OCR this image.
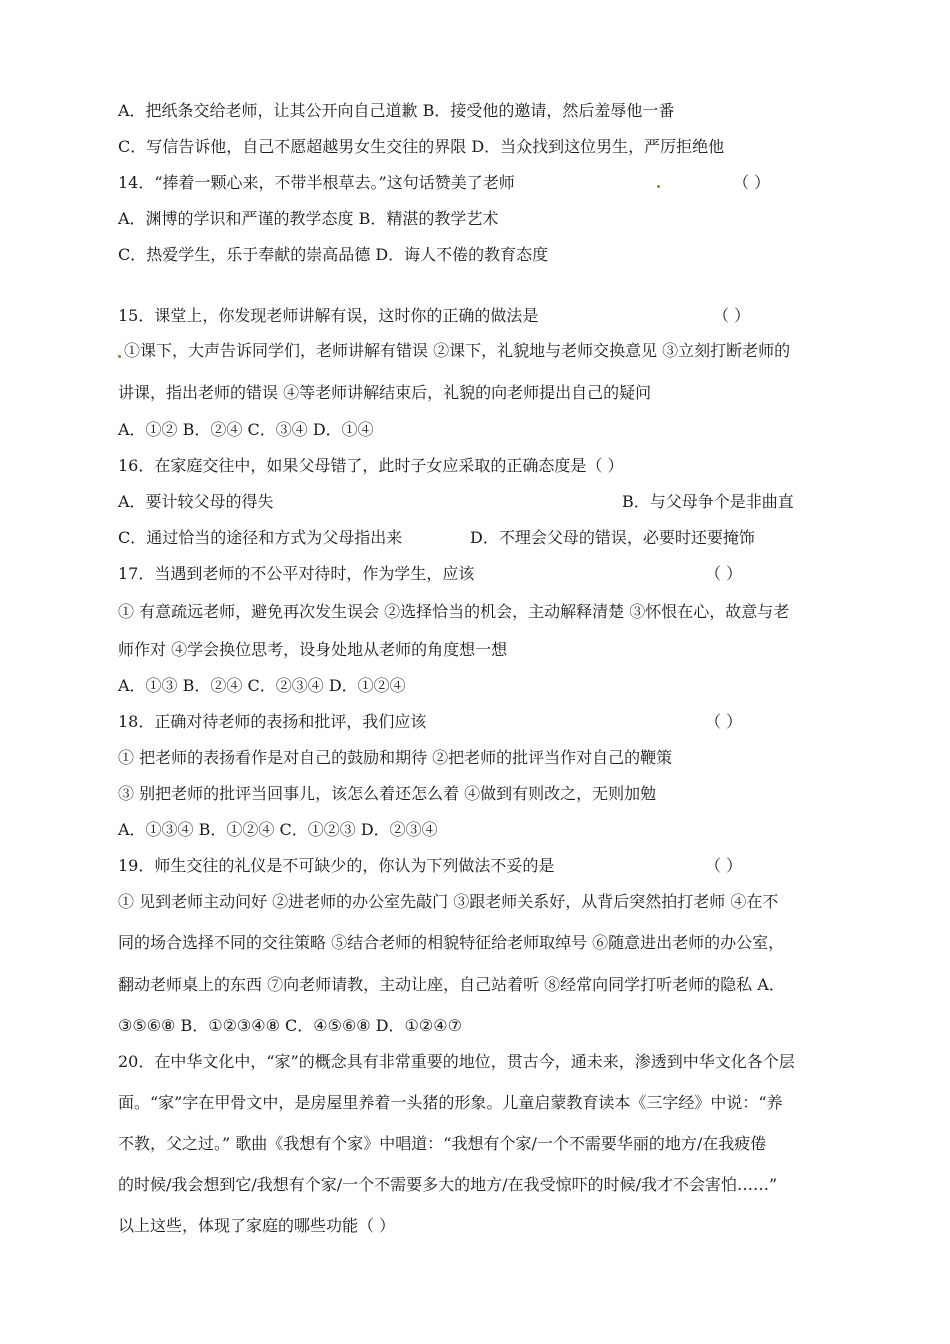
A．把纸条交给老师，让其公开向自己道歉 B．接受他的邀请，然后羞辱他一番
C．写信告诉他，自己不愿超越男女生交往的界限 D．当众找到这位男生，严厉拒绝他
14．“捧着一颗心来，不带半根草去。”这句话赞美了老师	（ ）
A．渊博的学识和严谨的教学态度 B．精湛的教学艺术
C．热爱学生，乐于奉献的崇高品德 D．诲人不倦的教育态度
15．课堂上，你发现老师讲解有误，这时你的正确的做法是	（ ）
①课下，大声告诉同学们，老师讲解有错误 ②课下，礼貌地与老师交换意见 ③立刻打断老师的
讲课，指出老师的错误 ④等老师讲解结束后，礼貌的向老师提出自己的疑问
A．①② B．②④ C．③④ D．①④
16．在家庭交往中，如果父母错了，此时子女应采取的正确态度是（ ）
A．要计较父母的得失	B．与父母争个是非曲直
C．通过恰当的途径和方式为父母指出来	D．不理会父母的错误，必要时还要掩饰
17．当遇到老师的不公平对待时，作为学生，应该	（ ）
① 有意疏远老师，避免再次发生误会 ②选择恰当的机会，主动解释清楚 ③怀恨在心，故意与老
师作对 ④学会换位思考，设身处地从老师的角度想一想
A．①③ B．②④ C．②③④ D．①②④
18．正确对待老师的表扬和批评，我们应该	（ ）
① 把老师的表扬看作是对自己的鼓励和期待 ②把老师的批评当作对自己的鞭策
③ 别把老师的批评当回事儿，该怎么着还怎么着 ④做到有则改之，无则加勉
A．①③④ B．①②④ C．①②③ D．②③④
19．师生交往的礼仪是不可缺少的，你认为下列做法不妥的是	（ ）
① 见到老师主动问好 ②进老师的办公室先敲门 ③跟老师关系好，从背后突然拍打老师 ④在不
同的场合选择不同的交往策略 ⑤结合老师的相貌特征给老师取绰号 ⑥随意进出老师的办公室，
翻动老师桌上的东西 ⑦向老师请教，主动让座，自己站着听 ⑧经常向同学打听老师的隐私 A．
③⑤⑥⑧ B．①②③④⑧ C．④⑤⑥⑧ D．①②④⑦
20．在中华文化中，“家”的概念具有非常重要的地位，贯古今，通未来，渗透到中华文化各个层
面。“家”字在甲骨文中，是房屋里养着一头猪的形象。儿童启蒙教育读本《三字经》中说：“养
不教，父之过。” 歌曲《我想有个家》中唱道：“我想有个家/一个不需要华丽的地方/在我疲倦
的时候/我会想到它/我想有个家/一个不需要多大的地方/在我受惊吓的时候/我才不会害怕……”
以上这些，体现了家庭的哪些功能（ ）
